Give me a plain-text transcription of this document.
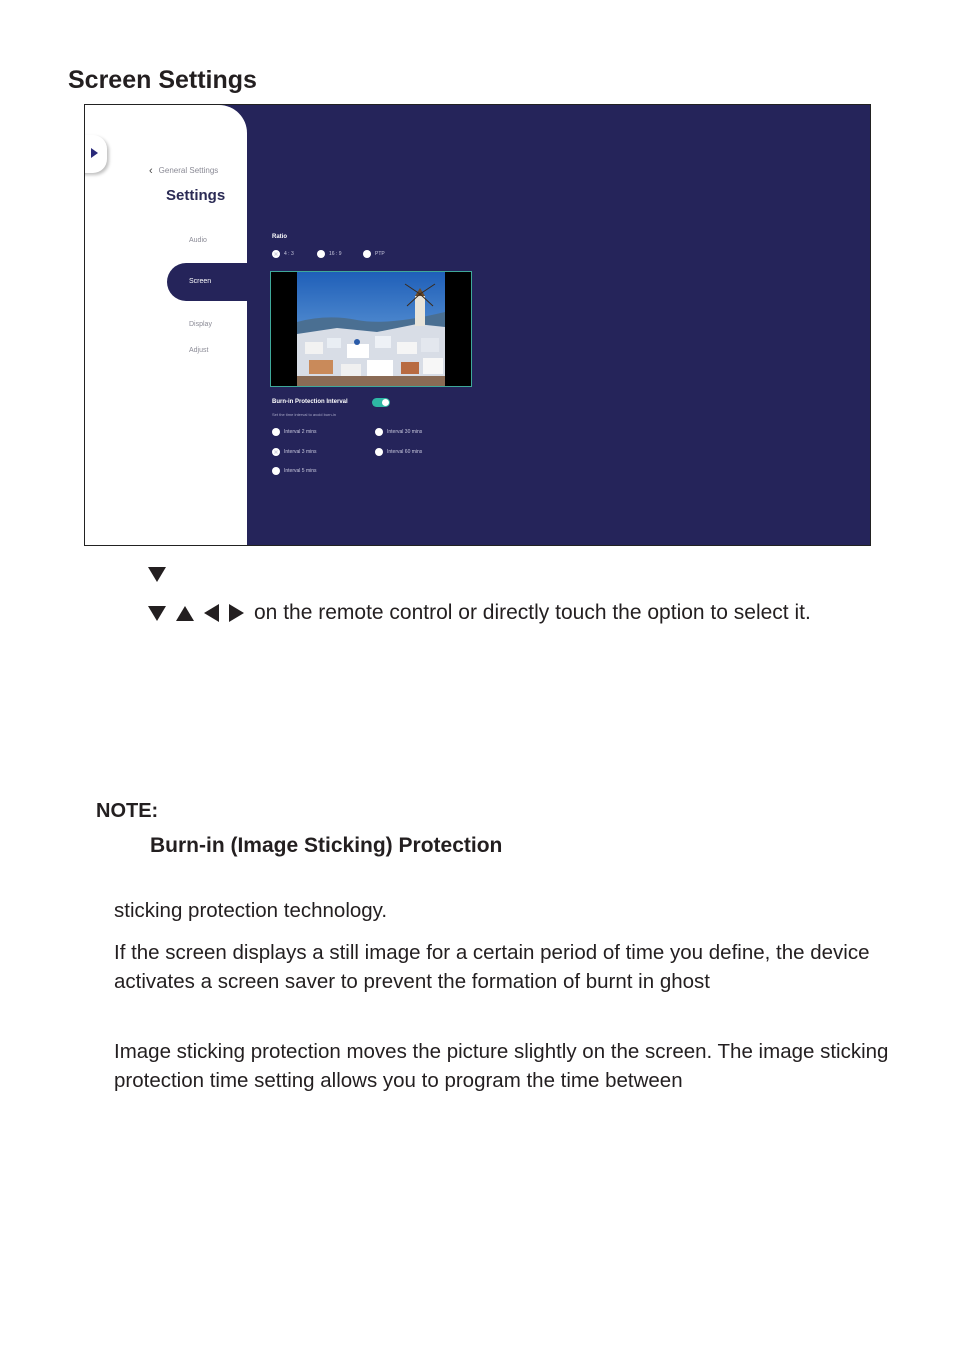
Screen Settings
‹ General Settings
Settings
Audio
Screen
Display
Adjust
Ratio
4 : 3	16 : 9	PTP
Burn-in Protection Interval
Set the time interval to avoid burn-in
Interval 2 mins
Interval 3 mins
Interval 5 mins
Interval 30 mins
Interval 60 mins
on the remote control or directly touch the option to select it.
NOTE:
Burn-in (Image Sticking) Protection
sticking protection technology.
If the screen displays a still image for a certain period of time you define, the device activates a screen saver to prevent the formation of burnt in ghost
Image sticking protection moves the picture slightly on the screen. The image sticking protection time setting allows you to program the time between
